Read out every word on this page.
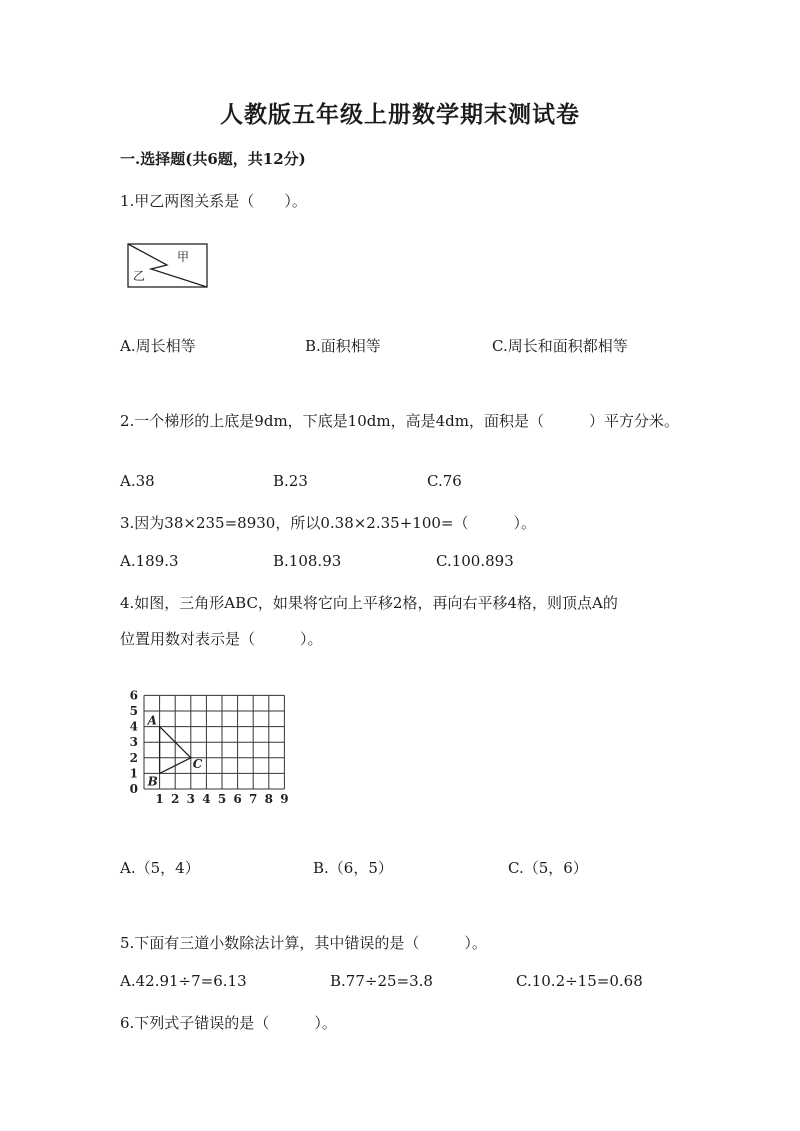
人教版五年级上册数学期末测试卷
一.选择题(共6题，共12分)
1.甲乙两图关系是（　　）。
甲
乙
A.周长相等	B.面积相等	C.周长和面积都相等
2.一个梯形的上底是9dm，下底是10dm，高是4dm，面积是（　　　）平方分米。
A.38	B.23	C.76
3.因为38×235=8930，所以0.38×2.35+100=（　　　）。
A.189.3	B.108.93	C.100.893
4.如图，三角形ABC，如果将它向上平移2格，再向右平移4格，则顶点A的
位置用数对表示是（　　　）。
1 2 3 4 5 6 7 8 9
0
1
2
3
4
5
6
A
B
C
A.（5，4）	B.（6，5）	C.（5，6）
5.下面有三道小数除法计算，其中错误的是（　　　）。
A.42.91÷7=6.13	B.77÷25=3.8	C.10.2÷15=0.68
6.下列式子错误的是（　　　）。
